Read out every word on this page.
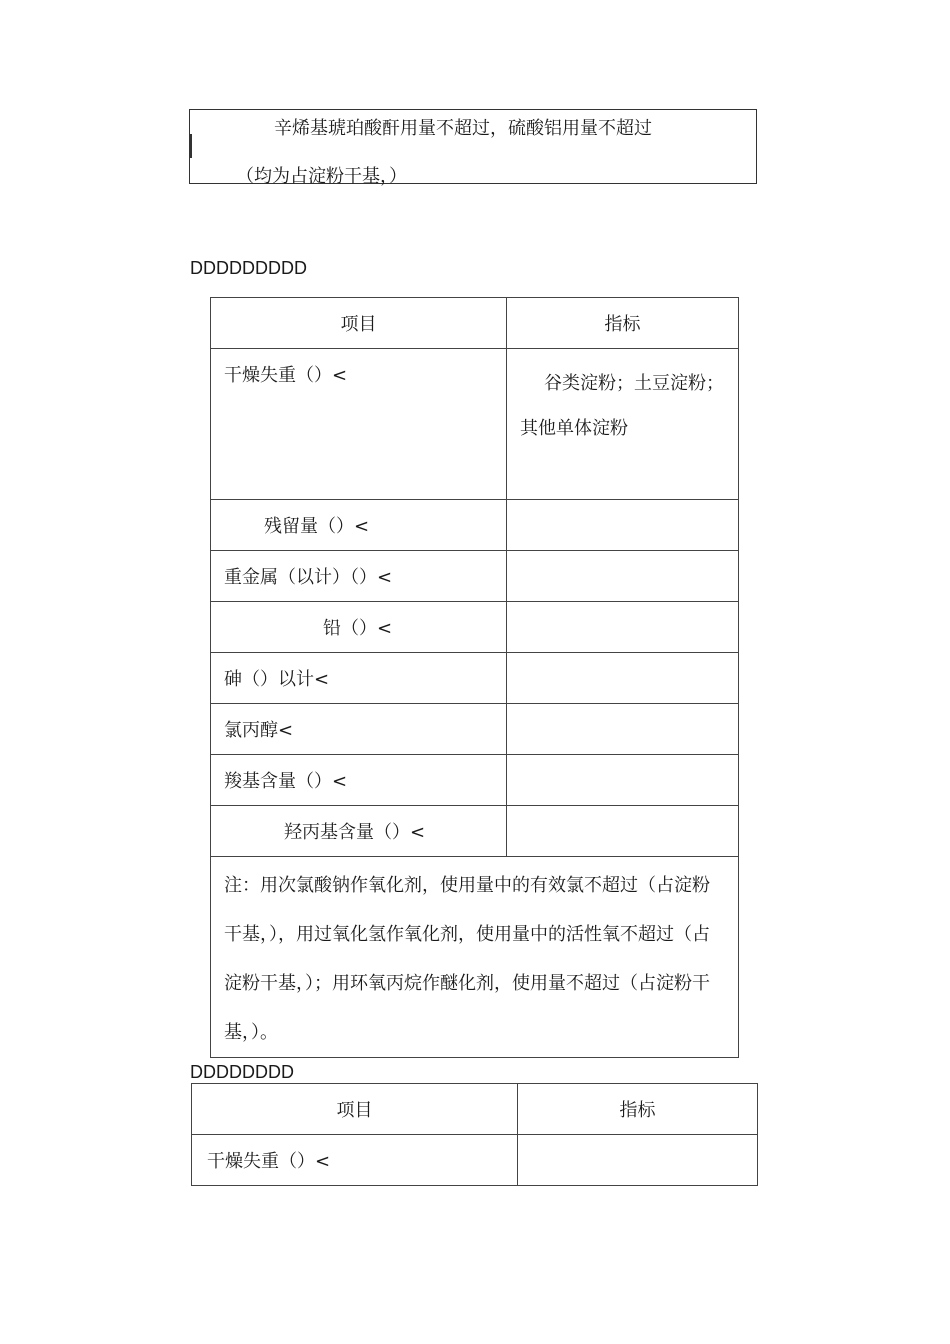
辛烯基琥珀酸酐用量不超过，硫酸铝用量不超过
（均为占淀粉干基，）
DDDDDDDDD
项目	指标
干燥失重（）<	谷类淀粉；土豆淀粉；其他单体淀粉

残留量（）<	
重金属（以计）（）<	
铅（）<	
砷（）以计<	
氯丙醇<	
羧基含量（）<	
羟丙基含量（）<	
注：用次氯酸钠作氧化剂，使用量中的有效氯不超过（占淀粉干基，），用过氧化氢作氧化剂，使用量中的活性氧不超过（占淀粉干基，）；用环氧丙烷作醚化剂，使用量不超过（占淀粉干基，）。	
DDDDDDDD
项目	指标
干燥失重（）<	
